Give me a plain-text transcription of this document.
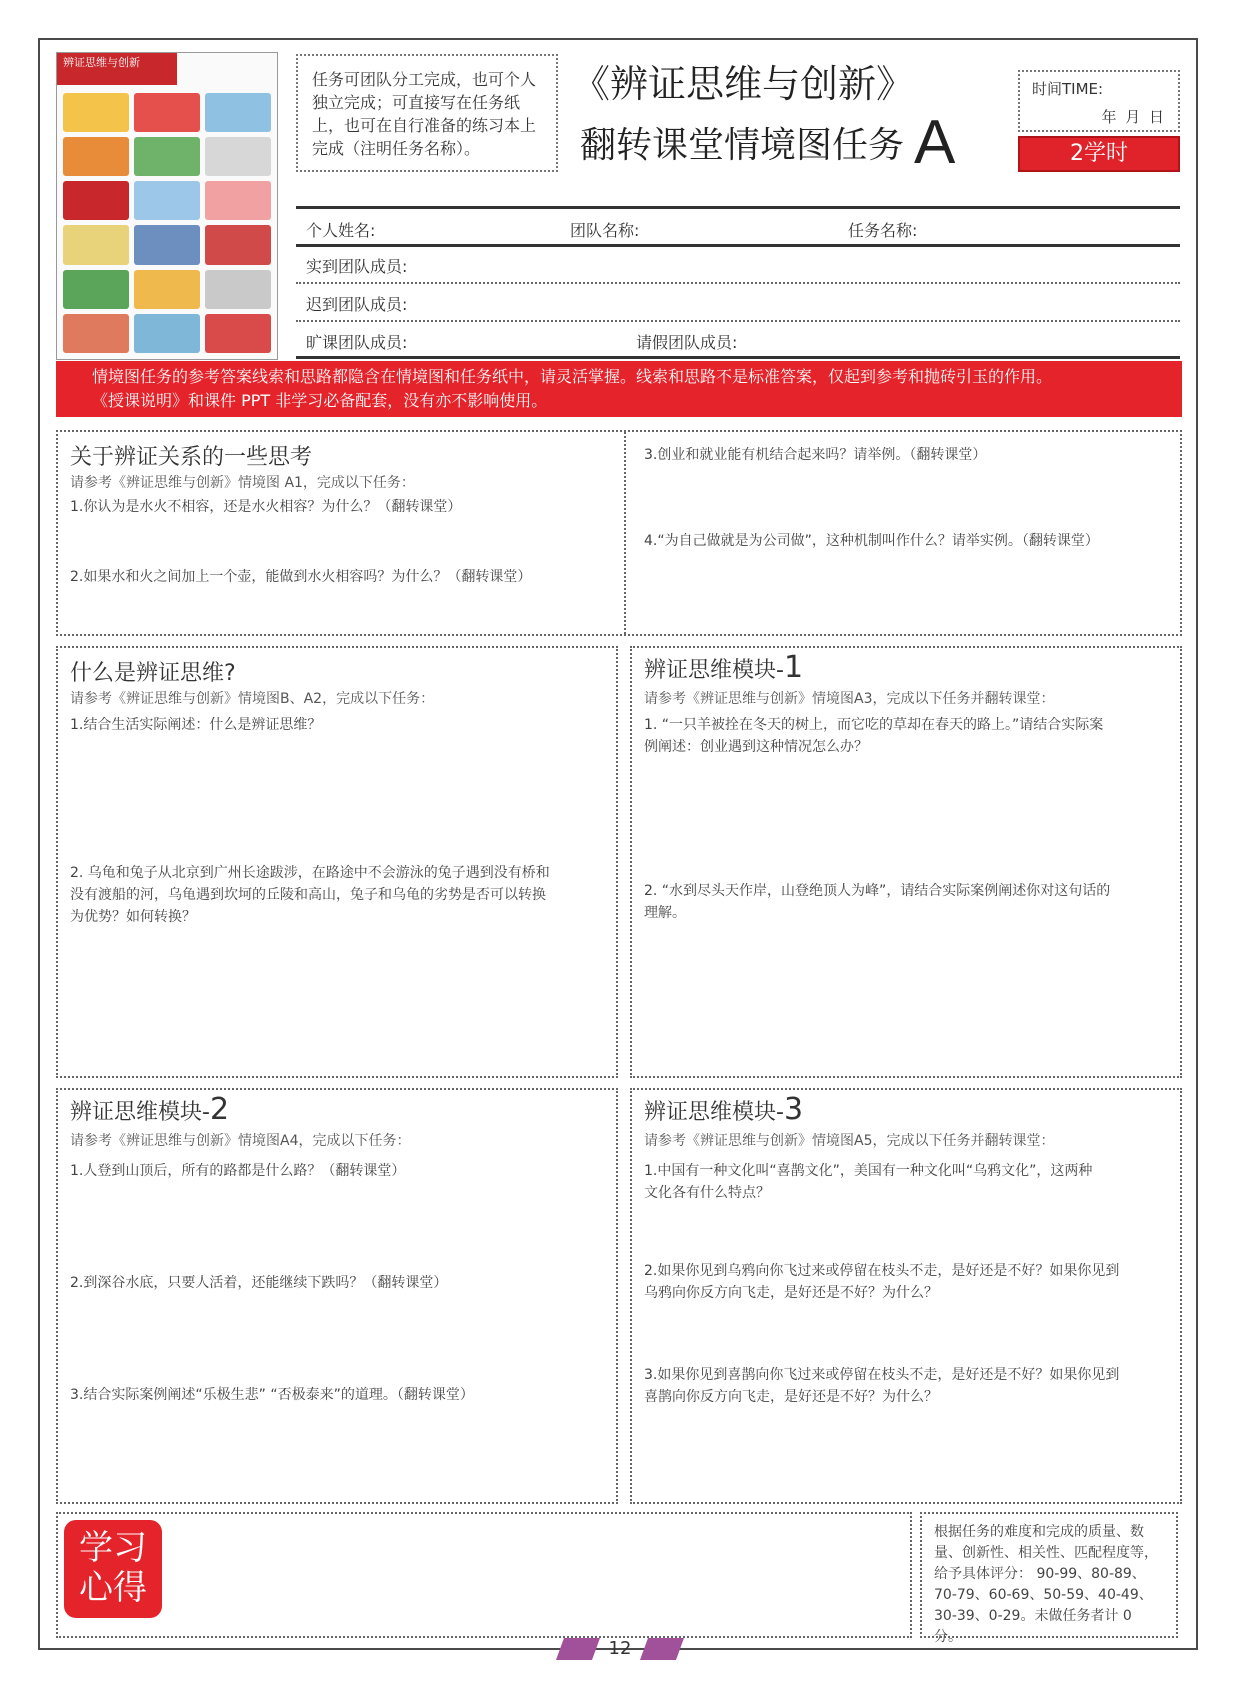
辨证思维与创新
任务可团队分工完成，也可个人独立完成；可直接写在任务纸上，也可在自行准备的练习本上完成（注明任务名称）。
《辨证思维与创新》
翻转课堂情境图任务 A
时间TIME:
年 月 日
2学时
个人姓名:	团队名称:	任务名称:
实到团队成员:
迟到团队成员:
旷课团队成员:	请假团队成员:
情境图任务的参考答案线索和思路都隐含在情境图和任务纸中，请灵活掌握。线索和思路不是标准答案，仅起到参考和抛砖引玉的作用。
《授课说明》和课件 PPT 非学习必备配套，没有亦不影响使用。
关于辨证关系的一些思考
请参考《辨证思维与创新》情境图 A1，完成以下任务：
1.你认为是水火不相容，还是水火相容？为什么？（翻转课堂）
2.如果水和火之间加上一个壶，能做到水火相容吗？为什么？（翻转课堂）
3.创业和就业能有机结合起来吗？请举例。（翻转课堂）
4.“为自己做就是为公司做”，这种机制叫作什么？请举实例。（翻转课堂）
什么是辨证思维?
请参考《辨证思维与创新》情境图B、A2，完成以下任务：
1.结合生活实际阐述：什么是辨证思维？
2. 乌龟和兔子从北京到广州长途跋涉，在路途中不会游泳的兔子遇到没有桥和
没有渡船的河，乌龟遇到坎坷的丘陵和高山，兔子和乌龟的劣势是否可以转换
为优势？如何转换？
辨证思维模块-1
请参考《辨证思维与创新》情境图A3，完成以下任务并翻转课堂：
1. “一只羊被拴在冬天的树上，而它吃的草却在春天的路上。”请结合实际案
例阐述：创业遇到这种情况怎么办？
2. “水到尽头天作岸，山登绝顶人为峰”，请结合实际案例阐述你对这句话的
理解。
辨证思维模块-2
请参考《辨证思维与创新》情境图A4，完成以下任务：
1.人登到山顶后，所有的路都是什么路？（翻转课堂）
2.到深谷水底，只要人活着，还能继续下跌吗？（翻转课堂）
3.结合实际案例阐述“乐极生悲” “否极泰来”的道理。（翻转课堂）
辨证思维模块-3
请参考《辨证思维与创新》情境图A5，完成以下任务并翻转课堂：
1.中国有一种文化叫“喜鹊文化”，美国有一种文化叫“乌鸦文化”，这两种
文化各有什么特点？
2.如果你见到乌鸦向你飞过来或停留在枝头不走，是好还是不好？如果你见到
乌鸦向你反方向飞走，是好还是不好？为什么？
3.如果你见到喜鹊向你飞过来或停留在枝头不走，是好还是不好？如果你见到
喜鹊向你反方向飞走，是好还是不好？为什么？
学习
心得
根据任务的难度和完成的质量、数量、创新性、相关性、匹配程度等，给予具体评分： 90-99、80-89、70-79、60-69、50-59、40-49、30-39、0-29。未做任务者计 0 分。
12
